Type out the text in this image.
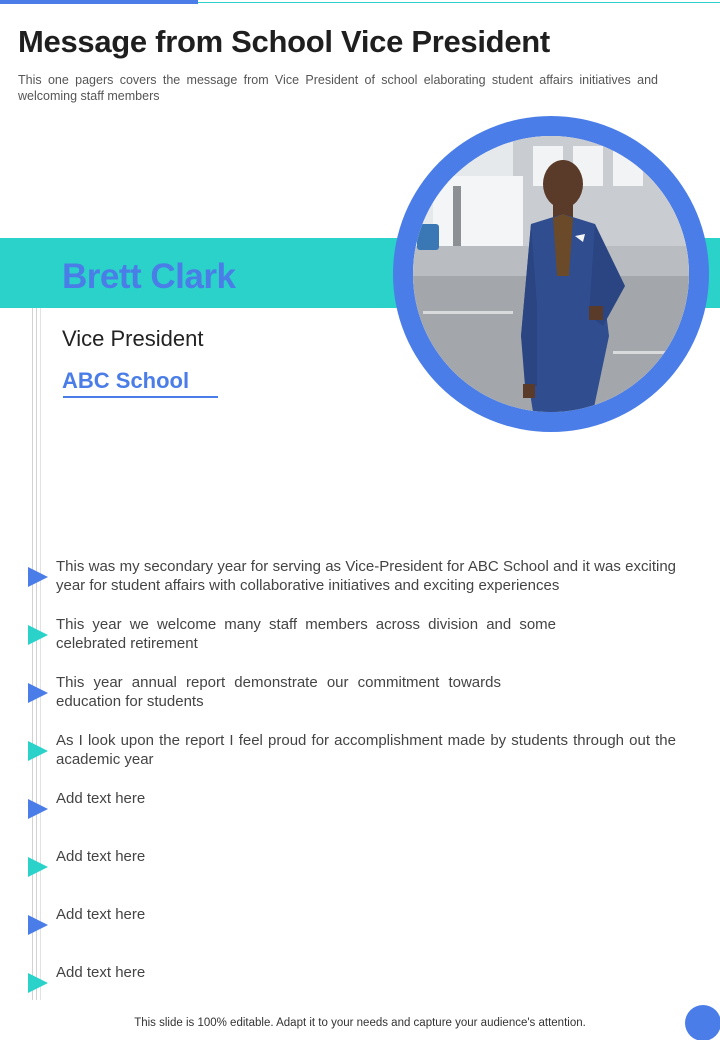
Message from School Vice President

This one pagers covers the message from Vice President of school elaborating student affairs initiatives and welcoming staff members

Brett Clark
Vice President
ABC School
This was my secondary year for serving as Vice-President for ABC School and it was exciting year for student affairs with collaborative initiatives and exciting experiences
This year we welcome many staff members across division and some celebrated retirement
This year annual report demonstrate our commitment towards education for students
As I look upon the report I feel proud for accomplishment made by students through out the academic year
Add text here
Add text here
Add text here
Add text here
This slide is 100% editable. Adapt it to your needs and capture your audience's attention.
